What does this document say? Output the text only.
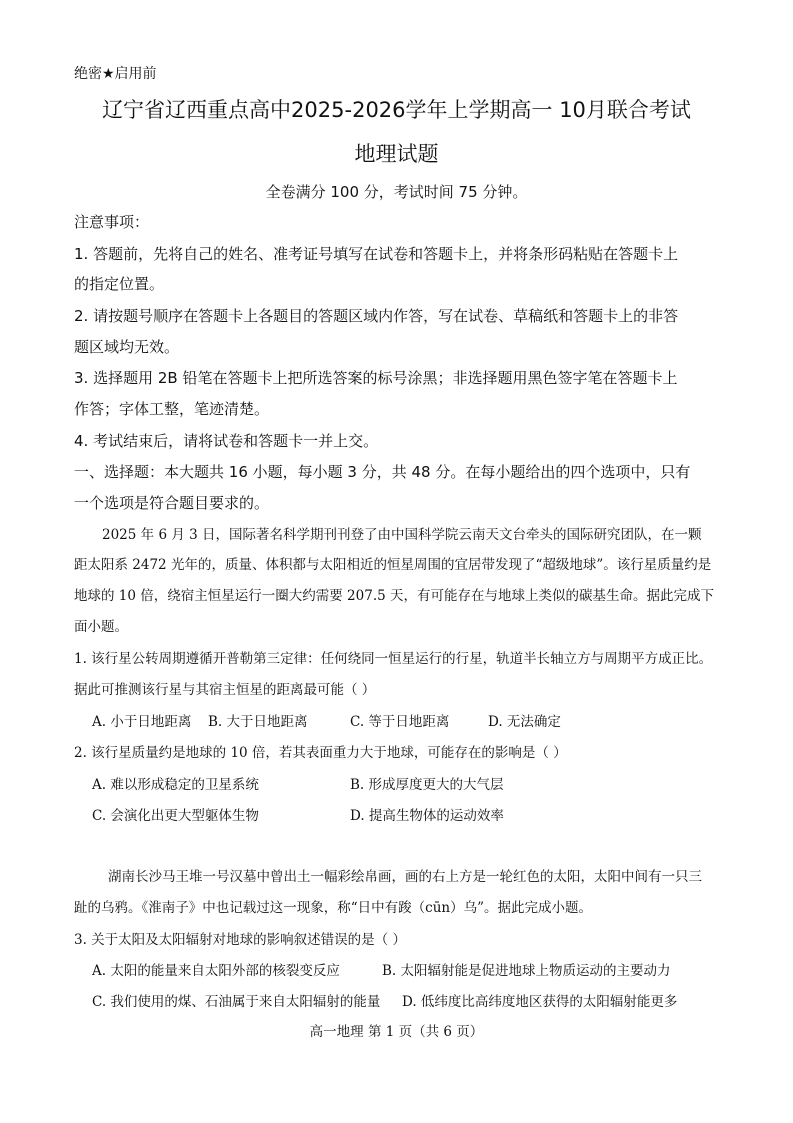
绝密★启用前
辽宁省辽西重点高中2025-2026学年上学期高一 10月联合考试
地理试题
全卷满分 100 分，考试时间 75 分钟。
注意事项：
1. 答题前，先将自己的姓名、准考证号填写在试卷和答题卡上，并将条形码粘贴在答题卡上
的指定位置。
2. 请按题号顺序在答题卡上各题目的答题区域内作答，写在试卷、草稿纸和答题卡上的非答
题区域均无效。
3. 选择题用 2B 铅笔在答题卡上把所选答案的标号涂黑；非选择题用黑色签字笔在答题卡上
作答；字体工整，笔迹清楚。
4. 考试结束后，请将试卷和答题卡一并上交。
一、选择题：本大题共 16 小题，每小题 3 分，共 48 分。在每小题给出的四个选项中，只有
一个选项是符合题目要求的。
2025 年 6 月 3 日，国际著名科学期刊刊登了由中国科学院云南天文台牵头的国际研究团队，在一颗
距太阳系 2472 光年的，质量、体积都与太阳相近的恒星周围的宜居带发现了“超级地球”。该行星质量约是
地球的 10 倍，绕宿主恒星运行一圈大约需要 207.5 天，有可能存在与地球上类似的碳基生命。据此完成下
面小题。
1. 该行星公转周期遵循开普勒第三定律：任何绕同一恒星运行的行星，轨道半长轴立方与周期平方成正比。
据此可推测该行星与其宿主恒星的距离最可能（ ）
A. 小于日地距离 B. 大于日地距离	C. 等于日地距离	D. 无法确定
2. 该行星质量约是地球的 10 倍，若其表面重力大于地球，可能存在的影响是（ ）
A. 难以形成稳定的卫星系统	B. 形成厚度更大的大气层
C. 会演化出更大型躯体生物	D. 提高生物体的运动效率
湖南长沙马王堆一号汉墓中曾出土一幅彩绘帛画，画的右上方是一轮红色的太阳，太阳中间有一只三
趾的乌鸦。《淮南子》中也记载过这一现象，称“日中有踆（cūn）乌”。据此完成小题。
3. 关于太阳及太阳辐射对地球的影响叙述错误的是（ ）
A. 太阳的能量来自太阳外部的核裂变反应	B. 太阳辐射能是促进地球上物质运动的主要动力
C. 我们使用的煤、石油属于来自太阳辐射的能量 D. 低纬度比高纬度地区获得的太阳辐射能更多
高一地理 第 1 页（共 6 页）
